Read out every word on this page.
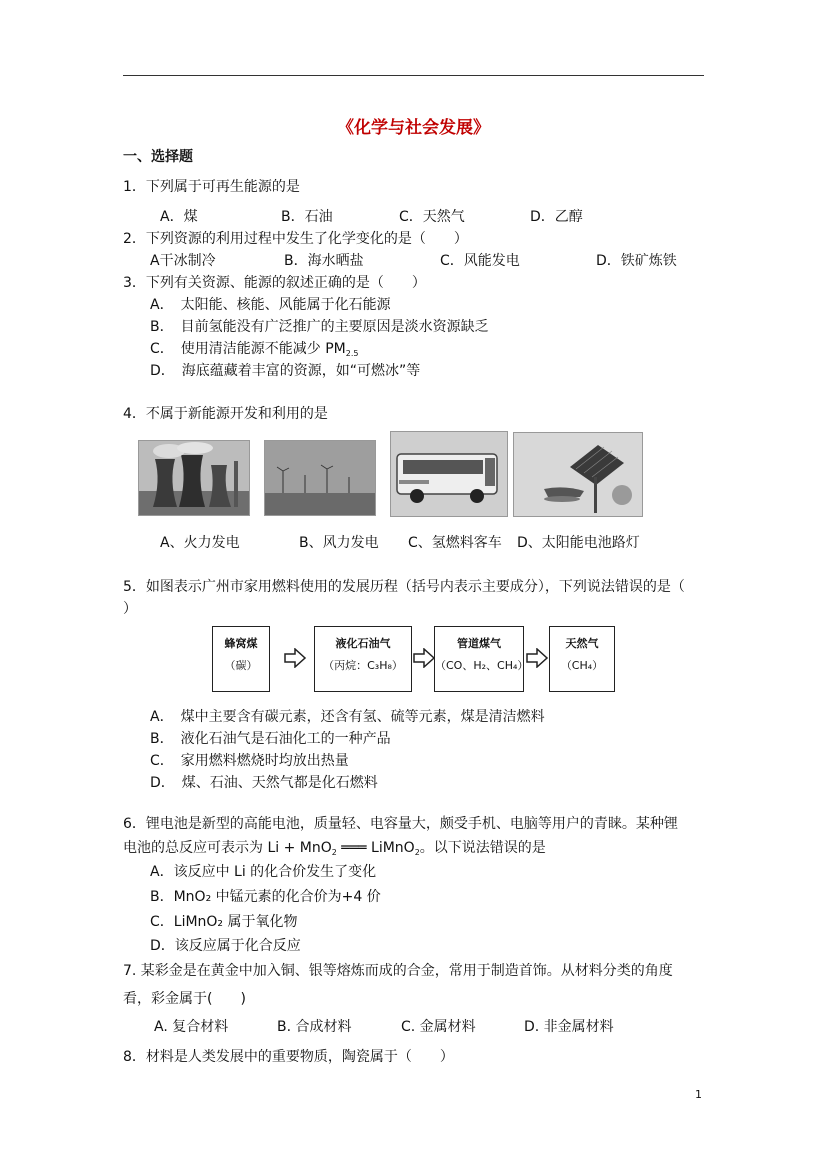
《化学与社会发展》
一、选择题
1．下列属于可再生能源的是
A．煤	B．石油	C．天然气	D．乙醇
2．下列资源的利用过程中发生了化学变化的是（　　）
A干冰制冷	B．海水晒盐	C．风能发电	D．铁矿炼铁
3．下列有关资源、能源的叙述正确的是（　　）
A．　太阳能、核能、风能属于化石能源
B．　目前氢能没有广泛推广的主要原因是淡水资源缺乏
C．　使用清洁能源不能减少 $PM_{2.5}$
D．　海底蕴藏着丰富的资源，如“可燃冰”等
4．不属于新能源开发和利用的是
A、火力发电	B、风力发电 C、氢燃料客车 D、太阳能电池路灯
5．如图表示广州市家用燃料使用的发展历程（括号内表示主要成分），下列说法错误的是（
）
蜂窝煤
（碳）
液化石油气
（丙烷：C₃H₈）
管道煤气
（CO、H₂、CH₄）
天然气
（CH₄）
A．　煤中主要含有碳元素，还含有氢、硫等元素，煤是清洁燃料
B．　液化石油气是石油化工的一种产品
C．　家用燃料燃烧时均放出热量
D．　煤、石油、天然气都是化石燃料
6．锂电池是新型的高能电池，质量轻、电容量大，颇受手机、电脑等用户的青睐。某种锂
电池的总反应可表示为 Li + MnO$_2$ ═══ LiMnO$_2$。以下说法错误的是
A．该反应中 Li 的化合价发生了变化
B．MnO₂ 中锰元素的化合价为+4 价
C．LiMnO₂ 属于氧化物
D．该反应属于化合反应
7. 某彩金是在黄金中加入铜、银等熔炼而成的合金，常用于制造首饰。从材料分类的角度
看，彩金属于(　　)
A. 复合材料	B. 合成材料	C. 金属材料	D. 非金属材料
8．材料是人类发展中的重要物质，陶瓷属于（　　）
1
